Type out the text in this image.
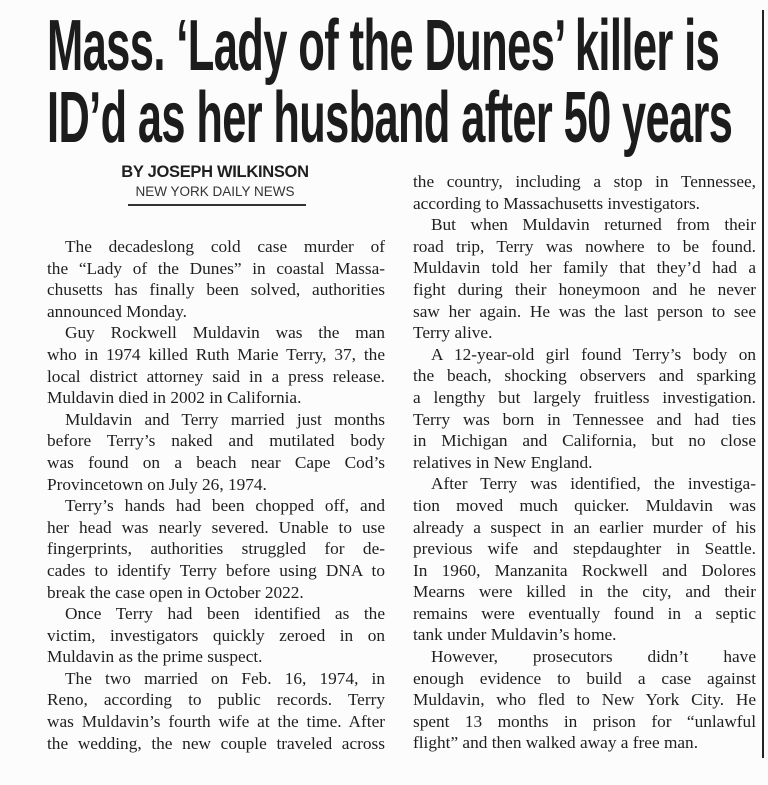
Mass. ‘Lady of the Dunes’ killer is
ID’d as her husband after 50 years
BY JOSEPH WILKINSON
NEW YORK DAILY NEWS
The decadeslong cold case murder of
the “Lady of the Dunes” in coastal Massa-
chusetts has finally been solved, authorities
announced Monday.
Guy Rockwell Muldavin was the man
who in 1974 killed Ruth Marie Terry, 37, the
local district attorney said in a press release.
Muldavin died in 2002 in California.
Muldavin and Terry married just months
before Terry’s naked and mutilated body
was found on a beach near Cape Cod’s
Provincetown on July 26, 1974.
Terry’s hands had been chopped off, and
her head was nearly severed. Unable to use
fingerprints, authorities struggled for de-
cades to identify Terry before using DNA to
break the case open in October 2022.
Once Terry had been identified as the
victim, investigators quickly zeroed in on
Muldavin as the prime suspect.
The two married on Feb. 16, 1974, in
Reno, according to public records. Terry
was Muldavin’s fourth wife at the time. After
the wedding, the new couple traveled across
the country, including a stop in Tennessee,
according to Massachusetts investigators.
But when Muldavin returned from their
road trip, Terry was nowhere to be found.
Muldavin told her family that they’d had a
fight during their honeymoon and he never
saw her again. He was the last person to see
Terry alive.
A 12-year-old girl found Terry’s body on
the beach, shocking observers and sparking
a lengthy but largely fruitless investigation.
Terry was born in Tennessee and had ties
in Michigan and California, but no close
relatives in New England.
After Terry was identified, the investiga-
tion moved much quicker. Muldavin was
already a suspect in an earlier murder of his
previous wife and stepdaughter in Seattle.
In 1960, Manzanita Rockwell and Dolores
Mearns were killed in the city, and their
remains were eventually found in a septic
tank under Muldavin’s home.
However, prosecutors didn’t have
enough evidence to build a case against
Muldavin, who fled to New York City. He
spent 13 months in prison for “unlawful
flight” and then walked away a free man.
